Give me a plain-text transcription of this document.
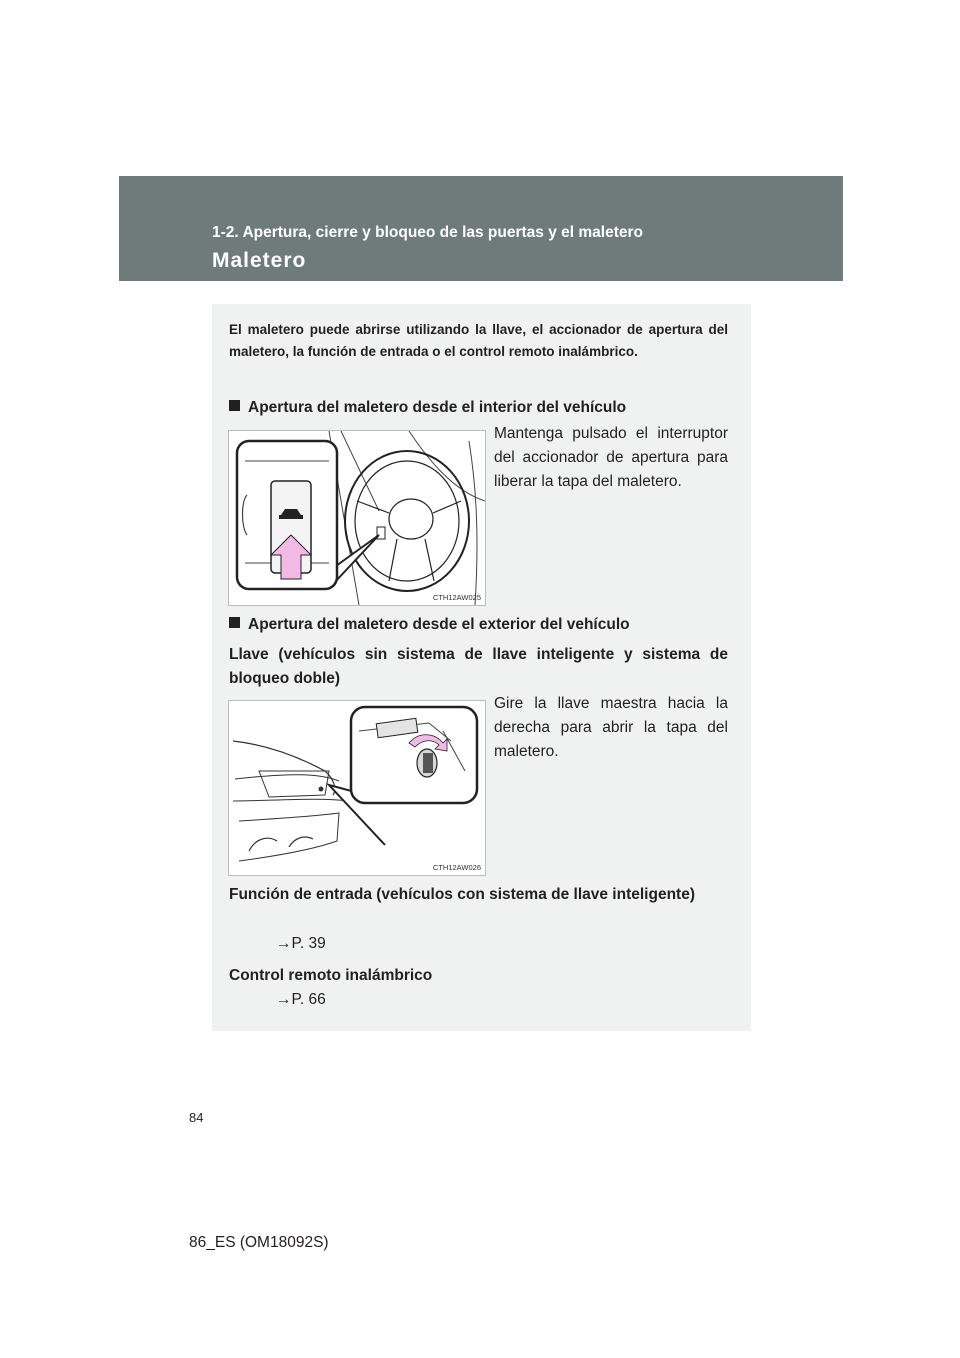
1-2. Apertura, cierre y bloqueo de las puertas y el maletero
Maletero

El maletero puede abrirse utilizando la llave, el accionador de apertura del maletero, la función de entrada o el control remoto inalámbrico.

Apertura del maletero desde el interior del vehículo

CTH12AW025

Mantenga pulsado el interruptor del accionador de apertura para liberar la tapa del maletero.

Apertura del maletero desde el exterior del vehículo

Llave (vehículos sin sistema de llave inteligente y sistema de bloqueo doble)

CTH12AW026

Gire la llave maestra hacia la derecha para abrir la tapa del maletero.

Función de entrada (vehículos con sistema de llave inteligente)

→P. 39

Control remoto inalámbrico

→P. 66

84
86_ES (OM18092S)
